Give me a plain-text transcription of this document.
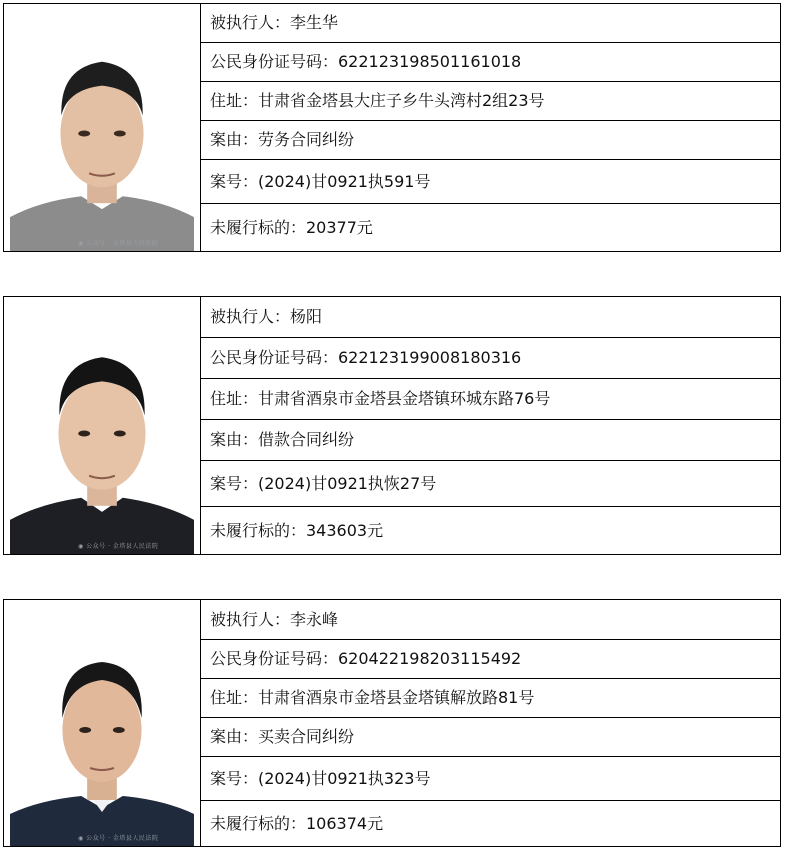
◉ 公众号 · 金塔县人民法院
	被执行人：李生华
公民身份证号码：622123198501161018
住址：甘肃省金塔县大庄子乡牛头湾村2组23号
案由：劳务合同纠纷
案号：(2024)甘0921执591号
未履行标的：20377元
◉ 公众号 · 金塔县人民法院
	被执行人：杨阳
公民身份证号码：622123199008180316
住址：甘肃省酒泉市金塔县金塔镇环城东路76号
案由：借款合同纠纷
案号：(2024)甘0921执恢27号
未履行标的：343603元
◉ 公众号 · 金塔县人民法院
	被执行人：李永峰
公民身份证号码：620422198203115492
住址：甘肃省酒泉市金塔县金塔镇解放路81号
案由：买卖合同纠纷
案号：(2024)甘0921执323号
未履行标的：106374元
